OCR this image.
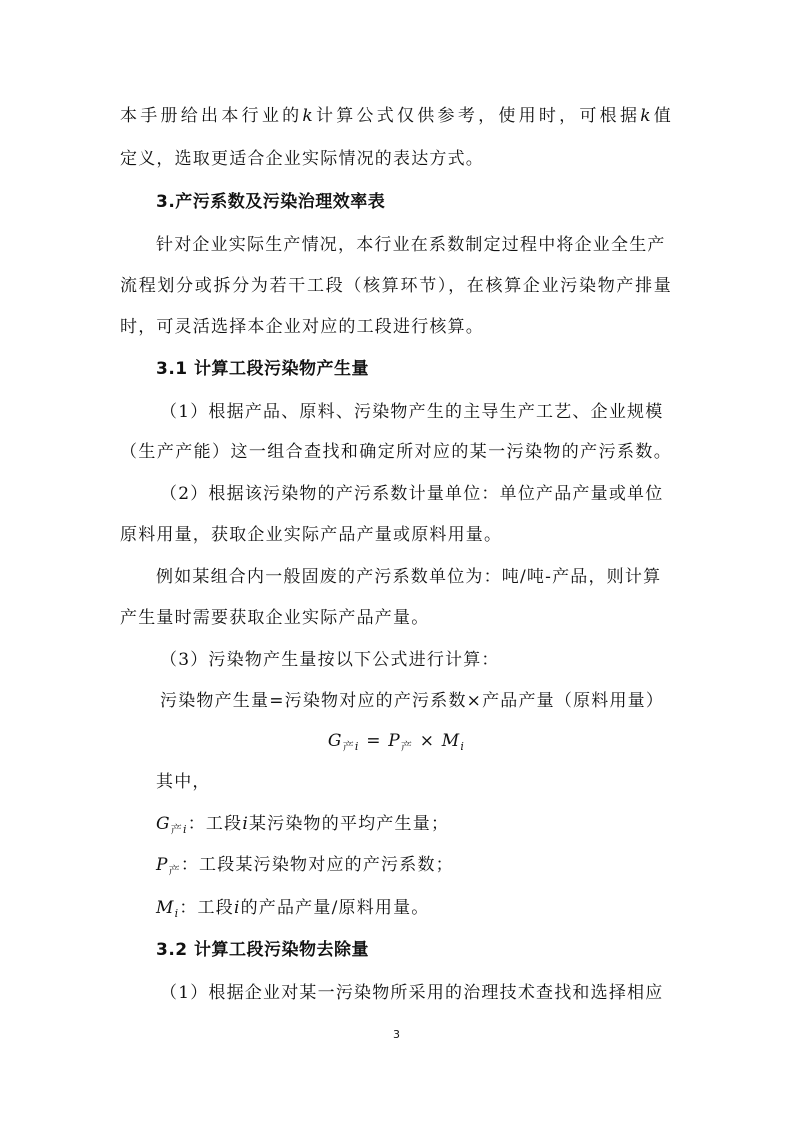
本手册给出本行业的k计算公式仅供参考，使用时，可根据k值
定义，选取更适合企业实际情况的表达方式。
3.产污系数及污染治理效率表
针对企业实际生产情况，本行业在系数制定过程中将企业全生产
流程划分或拆分为若干工段（核算环节），在核算企业污染物产排量
时，可灵活选择本企业对应的工段进行核算。
3.1 计算工段污染物产生量
（1）根据产品、原料、污染物产生的主导生产工艺、企业规模
（生产产能）这一组合查找和确定所对应的某一污染物的产污系数。
（2）根据该污染物的产污系数计量单位：单位产品产量或单位
原料用量，获取企业实际产品产量或原料用量。
例如某组合内一般固废的产污系数单位为：吨/吨-产品，则计算
产生量时需要获取企业实际产品产量。
（3）污染物产生量按以下公式进行计算：
污染物产生量=污染物对应的产污系数×产品产量（原料用量）
$G_{产i} = P_产 \times M_i$
其中，
$G_{产i}$：工段i某污染物的平均产生量；
$P_产$：工段某污染物对应的产污系数；
$M_i$：工段i的产品产量/原料用量。
3.2 计算工段污染物去除量
（1）根据企业对某一污染物所采用的治理技术查找和选择相应
3
